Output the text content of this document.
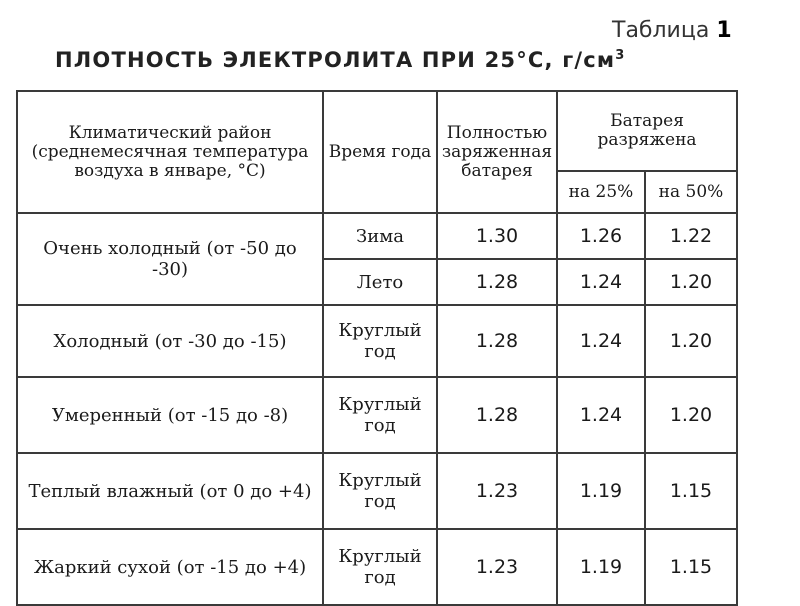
Таблица 1
ПЛОТНОСТЬ ЭЛЕКТРОЛИТА ПРИ 25°С, $г/см^3$
Климатический район (среднемесячная температура воздуха в январе, °С)	Время года	Полностью заряженная батарея	Батарея разряжена	
			на 25%	на 50%
Очень холодный (от -50 до -30)	Зима	1.30	1.26	1.22
	Лето	1.28	1.24	1.20
Холодный (от -30 до -15)	Круглый год	1.28	1.24	1.20
Умеренный (от -15 до -8)	Круглый год	1.28	1.24	1.20
Теплый влажный (от 0 до +4)	Круглый год	1.23	1.19	1.15
Жаркий сухой (от -15 до +4)	Круглый год	1.23	1.19	1.15
